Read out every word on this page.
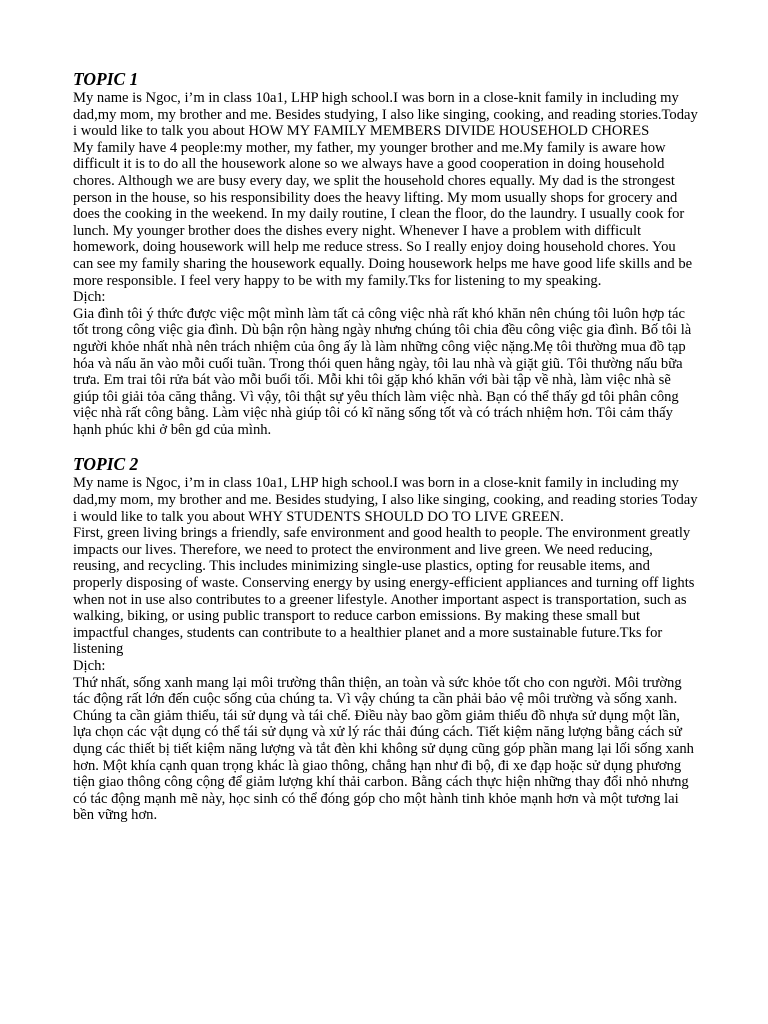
TOPIC 1

My name is Ngoc, i’m in class 10a1, LHP high school.I was born in a close-knit family in including my dad,my mom, my brother and me. Besides studying, I also like singing, cooking, and reading stories.Today i would like to talk you about HOW MY FAMILY MEMBERS DIVIDE HOUSEHOLD CHORES

My family have 4 people:my mother, my father, my younger brother and me.My family is aware how difficult it is to do all the housework alone so we always have a good cooperation in doing household chores. Although we are busy every day, we split the household chores equally. My dad is the strongest person in the house, so his responsibility does the heavy lifting. My mom usually shops for grocery and does the cooking in the weekend. In my daily routine, I clean the floor, do the laundry. I usually cook for lunch. My younger brother does the dishes every night. Whenever I have a problem with difficult homework, doing housework will help me reduce stress. So I really enjoy doing household chores. You can see my family sharing the housework equally. Doing housework helps me have good life skills and be more responsible. I feel very happy to be with my family.Tks for listening to my speaking.

Dịch:

Gia đình tôi ý thức được việc một mình làm tất cả công việc nhà rất khó khăn nên chúng tôi luôn hợp tác tốt trong công việc gia đình. Dù bận rộn hàng ngày nhưng chúng tôi chia đều công việc gia đình. Bố tôi là người khỏe nhất nhà nên trách nhiệm của ông ấy là làm những công việc nặng.Mẹ tôi thường mua đồ tạp hóa và nấu ăn vào mỗi cuối tuần. Trong thói quen hằng ngày, tôi lau nhà và giặt giũ. Tôi thường nấu bữa trưa. Em trai tôi rửa bát vào mỗi buổi tối. Mỗi khi tôi gặp khó khăn với bài tập về nhà, làm việc nhà sẽ giúp tôi giải tỏa căng thẳng. Vì vậy, tôi thật sự yêu thích làm việc nhà. Bạn có thể thấy gd tôi phân công việc nhà rất công bằng. Làm việc nhà giúp tôi có kĩ năng sống tốt và có trách nhiệm hơn. Tôi cảm thấy hạnh phúc khi ở bên gd của mình.

TOPIC 2

My name is Ngoc, i’m in class 10a1, LHP high school.I was born in a close-knit family in including my dad,my mom, my brother and me. Besides studying, I also like singing, cooking, and reading stories Today i would like to talk you about WHY STUDENTS SHOULD DO TO LIVE GREEN.

First, green living brings a friendly, safe environment and good health to people. The environment greatly impacts our lives. Therefore, we need to protect the environment and live green. We need reducing, reusing, and recycling. This includes minimizing single-use plastics, opting for reusable items, and properly disposing of waste. Conserving energy by using energy-efficient appliances and turning off lights when not in use also contributes to a greener lifestyle. Another important aspect is transportation, such as walking, biking, or using public transport to reduce carbon emissions. By making these small but impactful changes, students can contribute to a healthier planet and a more sustainable future.Tks for listening

Dịch:

Thứ nhất, sống xanh mang lại môi trường thân thiện, an toàn và sức khỏe tốt cho con người. Môi trường tác động rất lớn đến cuộc sống của chúng ta. Vì vậy chúng ta cần phải bảo vệ môi trường và sống xanh. Chúng ta cần giảm thiểu, tái sử dụng và tái chế. Điều này bao gồm giảm thiểu đồ nhựa sử dụng một lần, lựa chọn các vật dụng có thể tái sử dụng và xử lý rác thải đúng cách. Tiết kiệm năng lượng bằng cách sử dụng các thiết bị tiết kiệm năng lượng và tắt đèn khi không sử dụng cũng góp phần mang lại lối sống xanh hơn. Một khía cạnh quan trọng khác là giao thông, chẳng hạn như đi bộ, đi xe đạp hoặc sử dụng phương tiện giao thông công cộng để giảm lượng khí thải carbon. Bằng cách thực hiện những thay đổi nhỏ nhưng có tác động mạnh mẽ này, học sinh có thể đóng góp cho một hành tinh khỏe mạnh hơn và một tương lai bền vững hơn.
